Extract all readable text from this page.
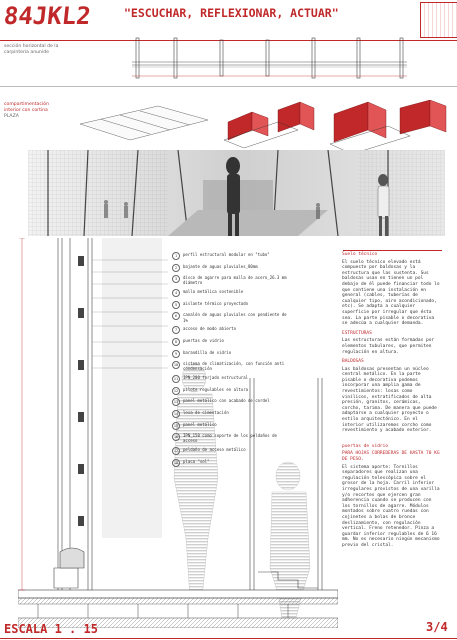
84JKL2	"ESCUCHAR, REFLEXIONAR, ACTUAR"
sección horizontal de la
carpintería anunide
compartimentación
interior con cortina
PLAZA
1	perfil estructural modular en "tubo"
2	bajante de aguas pluviales_80mm
3	disco de agarre para malla de acero_26.3 mm diámetro
4	malla metálica sostenible
5	aislante térmico proyectado
6	canalón de aguas pluviales con pendiente de 1%
7	acceso de modo abierto
8	puertas de vidrio
9	barandilla de vidrio
10	sistema de climatización, con función anti condensación
11	IPN_200 forjado estructural
12	pilote regulables en altura
13	panel metálico con acabado de cordel
14	losa de cimentación
15	panel metálico
16	IPN_150 como soporte de los peldaños de acceso
17	peldaño de acceso metálico
18	placa "sol"

Suelo técnico

El suelo técnico elevado está compuesto por baldosas y la estructura que las sustenta. Sus baldosas usan en tienen un pol debajo de él puede financiar todo lo que contiene una instalación en general (cables, tuberías de cualquier tipo, aire acondicionado, etc). Se adapta a cualquier superficie por irregular que ésta sea. La parte pisable o decorativa se adecúa a cualquier demanda.

ESTRUCTURAS

Las estructuras están formadas por elementos tubulares, que permiten regulación en altura.

BALDOSAS

Las baldosas presentan un núcleo central metálico. En la parte pisable o decorativa podemos incorporar una amplia gama de revestimientos: losas como vinílicos, estratificados de alta presión, granitos, cerámicas, corcho, tarima. De manera que puede adaptarse a cualquier proyecto o estilo arquitectónico. En el interior utilizaremos corcho como revestimiento y acabado exterior.

puertas de vidrio

PARA HOJAS CORREDERAS DE HASTA 70 KG DE PESO.

El sistema aporte: Tornillos separadores que realizan una regulación telescópica sobre el grosor de la hoja. Carril inferior irregulares provistos de una varilla y/o recortes que ejercen gran adherencia cuando se producen con los tornillos de agarre. Módulos montados sobre cuatro ruedas con cojinetes a bolas de bronce deslizamiento, con regulación vertical. Freno retenedor. Pinza a guardar inferior regulables de 6 16 mm. No es necesario ningún mecanismo previo del cristal.

ESCALA 1 . 15	3/4
